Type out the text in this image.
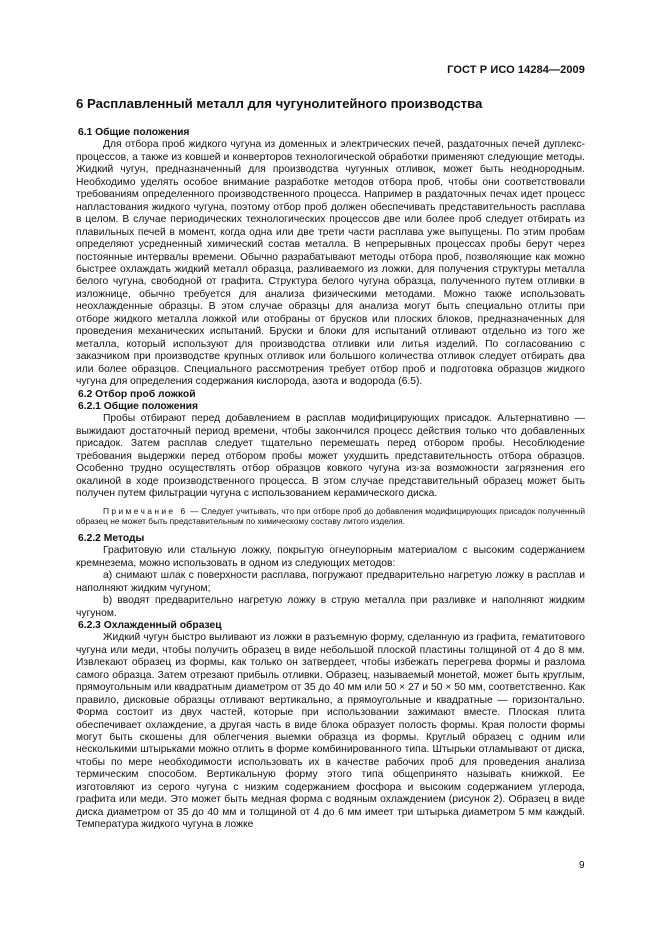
ГОСТ Р ИСО 14284—2009
6 Расплавленный металл для чугунолитейного производства
6.1 Общие положения

Для отбора проб жидкого чугуна из доменных и электрических печей, раздаточных печей дуплекс-процессов, а также из ковшей и конверторов технологической обработки применяют следующие методы. Жидкий чугун, предназначенный для производства чугунных отливок, может быть неоднородным. Необходимо уделять особое внимание разработке методов отбора проб, чтобы они соответствовали требованиям определенного производственного процесса. Например в раздаточных печах идет процесс напластования жидкого чугуна, поэтому отбор проб должен обеспечивать представительность расплава в целом. В случае периодических технологических процессов две или более проб следует отбирать из плавильных печей в момент, когда одна или две трети части расплава уже выпущены. По этим пробам определяют усредненный химический состав металла. В непрерывных процессах пробы берут через постоянные интервалы времени. Обычно разрабатывают методы отбора проб, позволяющие как можно быстрее охлаждать жидкий металл образца, разливаемого из ложки, для получения структуры металла белого чугуна, свободной от графита. Структура белого чугуна образца, полученного путем отливки в изложнице, обычно требуется для анализа физическими методами. Можно также использовать неохлажденные образцы. В этом случае образцы для анализа могут быть специально отлиты при отборе жидкого металла ложкой или отобраны от брусков или плоских блоков, предназначенных для проведения механических испытаний. Бруски и блоки для испытаний отливают отдельно из того же металла, который используют для производства отливки или литья изделий. По согласованию с заказчиком при производстве крупных отливок или большого количества отливок следует отбирать два или более образцов. Специального рассмотрения требует отбор проб и подготовка образцов жидкого чугуна для определения содержания кислорода, азота и водорода (6.5).

6.2 Отбор проб ложкой
6.2.1 Общие положения

Пробы отбирают перед добавлением в расплав модифицирующих присадок. Альтернативно — выжидают достаточный период времени, чтобы закончился процесс действия только что добавленных присадок. Затем расплав следует тщательно перемешать перед отбором пробы. Несоблюдение требования выдержки перед отбором пробы может ухудшить представительность отбора образцов. Особенно трудно осуществлять отбор образцов ковкого чугуна из-за возможности загрязнения его окалиной в ходе производственного процесса. В этом случае представительный образец может быть получен путем фильтрации чугуна с использованием керамического диска.

Примечание 6 — Следует учитывать, что при отборе проб до добавления модифицирующих присадок полученный образец не может быть представительным по химическому составу литого изделия.

6.2.2 Методы

Графитовую или стальную ложку, покрытую огнеупорным материалом с высоким содержанием кремнезема, можно использовать в одном из следующих методов:

a) снимают шлак с поверхности расплава, погружают предварительно нагретую ложку в расплав и наполняют жидким чугуном;

b) вводят предварительно нагретую ложку в струю металла при разливке и наполняют жидким чугуном.

6.2.3 Охлажденный образец

Жидкий чугун быстро выливают из ложки в разъемную форму, сделанную из графита, гематитового чугуна или меди, чтобы получить образец в виде небольшой плоской пластины толщиной от 4 до 8 мм. Извлекают образец из формы, как только он затвердеет, чтобы избежать перегрева формы и разлома самого образца. Затем отрезают прибыль отливки. Образец, называемый монетой, может быть круглым, прямоугольным или квадратным диаметром от 35 до 40 мм или 50 × 27 и 50 × 50 мм, соответственно. Как правило, дисковые образцы отливают вертикально, а прямоугольные и квадратные — горизонтально. Форма состоит из двух частей, которые при использовании зажимают вместе. Плоская плита обеспечивает охлаждение, а другая часть в виде блока образует полость формы. Края полости формы могут быть скошены для облегчения выемки образца из формы. Круглый образец с одним или несколькими штырьками можно отлить в форме комбинированного типа. Штырьки отламывают от диска, чтобы по мере необходимости использовать их в качестве рабочих проб для проведения анализа термическим способом. Вертикальную форму этого типа общепринято называть книжкой. Ее изготовляют из серого чугуна с низким содержанием фосфора и высоким содержанием углерода, графита или меди. Это может быть медная форма с водяным охлаждением (рисунок 2). Образец в виде диска диаметром от 35 до 40 мм и толщиной от 4 до 6 мм имеет три штырька диаметром 5 мм каждый. Температура жидкого чугуна в ложке

9
